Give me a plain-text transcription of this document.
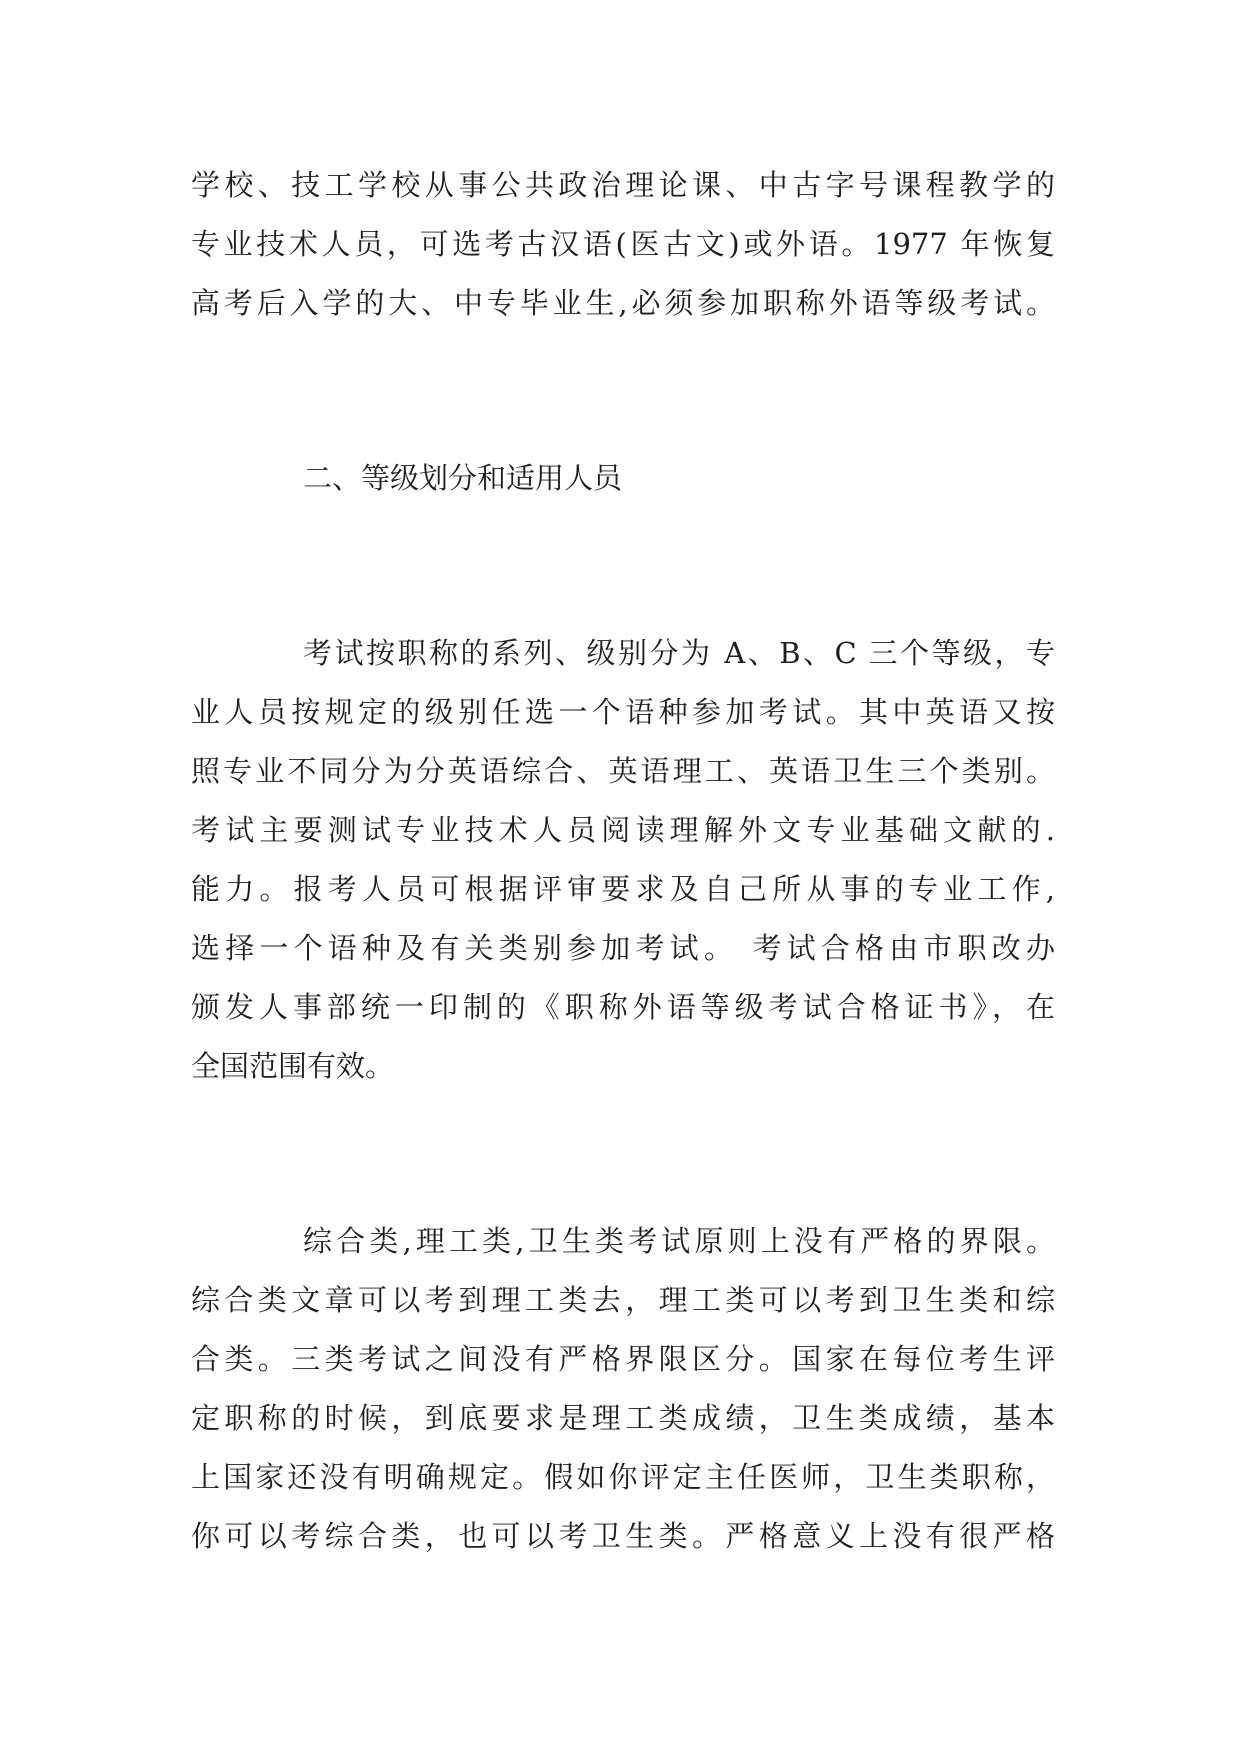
学校、技工学校从事公共政治理论课、中古字号课程教学的
专业技术人员，可选考古汉语(医古文)或外语。1977 年恢复
高考后入学的大、中专毕业生,必须参加职称外语等级考试。
二、等级划分和适用人员
考试按职称的系列、级别分为 A、B、C 三个等级，专
业人员按规定的级别任选一个语种参加考试。其中英语又按
照专业不同分为分英语综合、英语理工、英语卫生三个类别。
考试主要测试专业技术人员阅读理解外文专业基础文献的.
能力。报考人员可根据评审要求及自己所从事的专业工作,
选择一个语种及有关类别参加考试。 考试合格由市职改办
颁发人事部统一印制的《职称外语等级考试合格证书》，在
全国范围有效。
综合类,理工类,卫生类考试原则上没有严格的界限。
综合类文章可以考到理工类去，理工类可以考到卫生类和综
合类。三类考试之间没有严格界限区分。国家在每位考生评
定职称的时候，到底要求是理工类成绩，卫生类成绩，基本
上国家还没有明确规定。假如你评定主任医师，卫生类职称，
你可以考综合类，也可以考卫生类。严格意义上没有很严格
